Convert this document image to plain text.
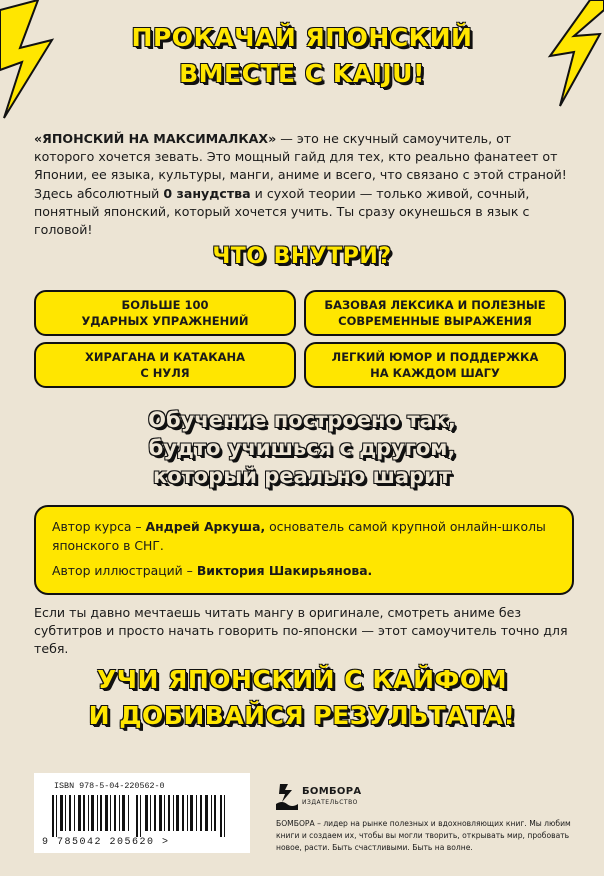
ПРОКАЧАЙ ЯПОНСКИЙ
ВМЕСТЕ С KAIJU!
«ЯПОНСКИЙ НА МАКСИМАЛКАХ» — это не скучный самоучитель, от которого хочется зевать. Это мощный гайд для тех, кто реально фанатеет от Японии, ее языка, культуры, манги, аниме и всего, что связано с этой страной!
Здесь абсолютный 0 занудства и сухой теории — только живой, сочный, понятный японский, который хочется учить. Ты сразу окунешься в язык с головой!
ЧТО ВНУТРИ?
БОЛЬШЕ 100
УДАРНЫХ УПРАЖНЕНИЙ
БАЗОВАЯ ЛЕКСИКА И ПОЛЕЗНЫЕ
СОВРЕМЕННЫЕ ВЫРАЖЕНИЯ
ХИРАГАНА И КАТАКАНА
С НУЛЯ
ЛЕГКИЙ ЮМОР И ПОДДЕРЖКА
НА КАЖДОМ ШАГУ
Обучение построено так,
будто учишься с другом,
который реально шарит

Автор курса – Андрей Аркуша, основатель самой крупной онлайн-школы японского в СНГ.

Автор иллюстраций – Виктория Шакирьянова.

Если ты давно мечтаешь читать мангу в оригинале, смотреть аниме без субтитров и просто начать говорить по-японски — этот самоучитель точно для тебя.
УЧИ ЯПОНСКИЙ С КАЙФОМ
И ДОБИВАЙСЯ РЕЗУЛЬТАТА!
ISBN 978-5-04-220562-0
9 785042 205620 >
БОМБОРА
ИЗДАТЕЛЬСТВО
БОМБОРА – лидер на рынке полезных и вдохновляющих книг. Мы любим книги и создаем их, чтобы вы могли творить, открывать мир, пробовать новое, расти. Быть счастливыми. Быть на волне.
